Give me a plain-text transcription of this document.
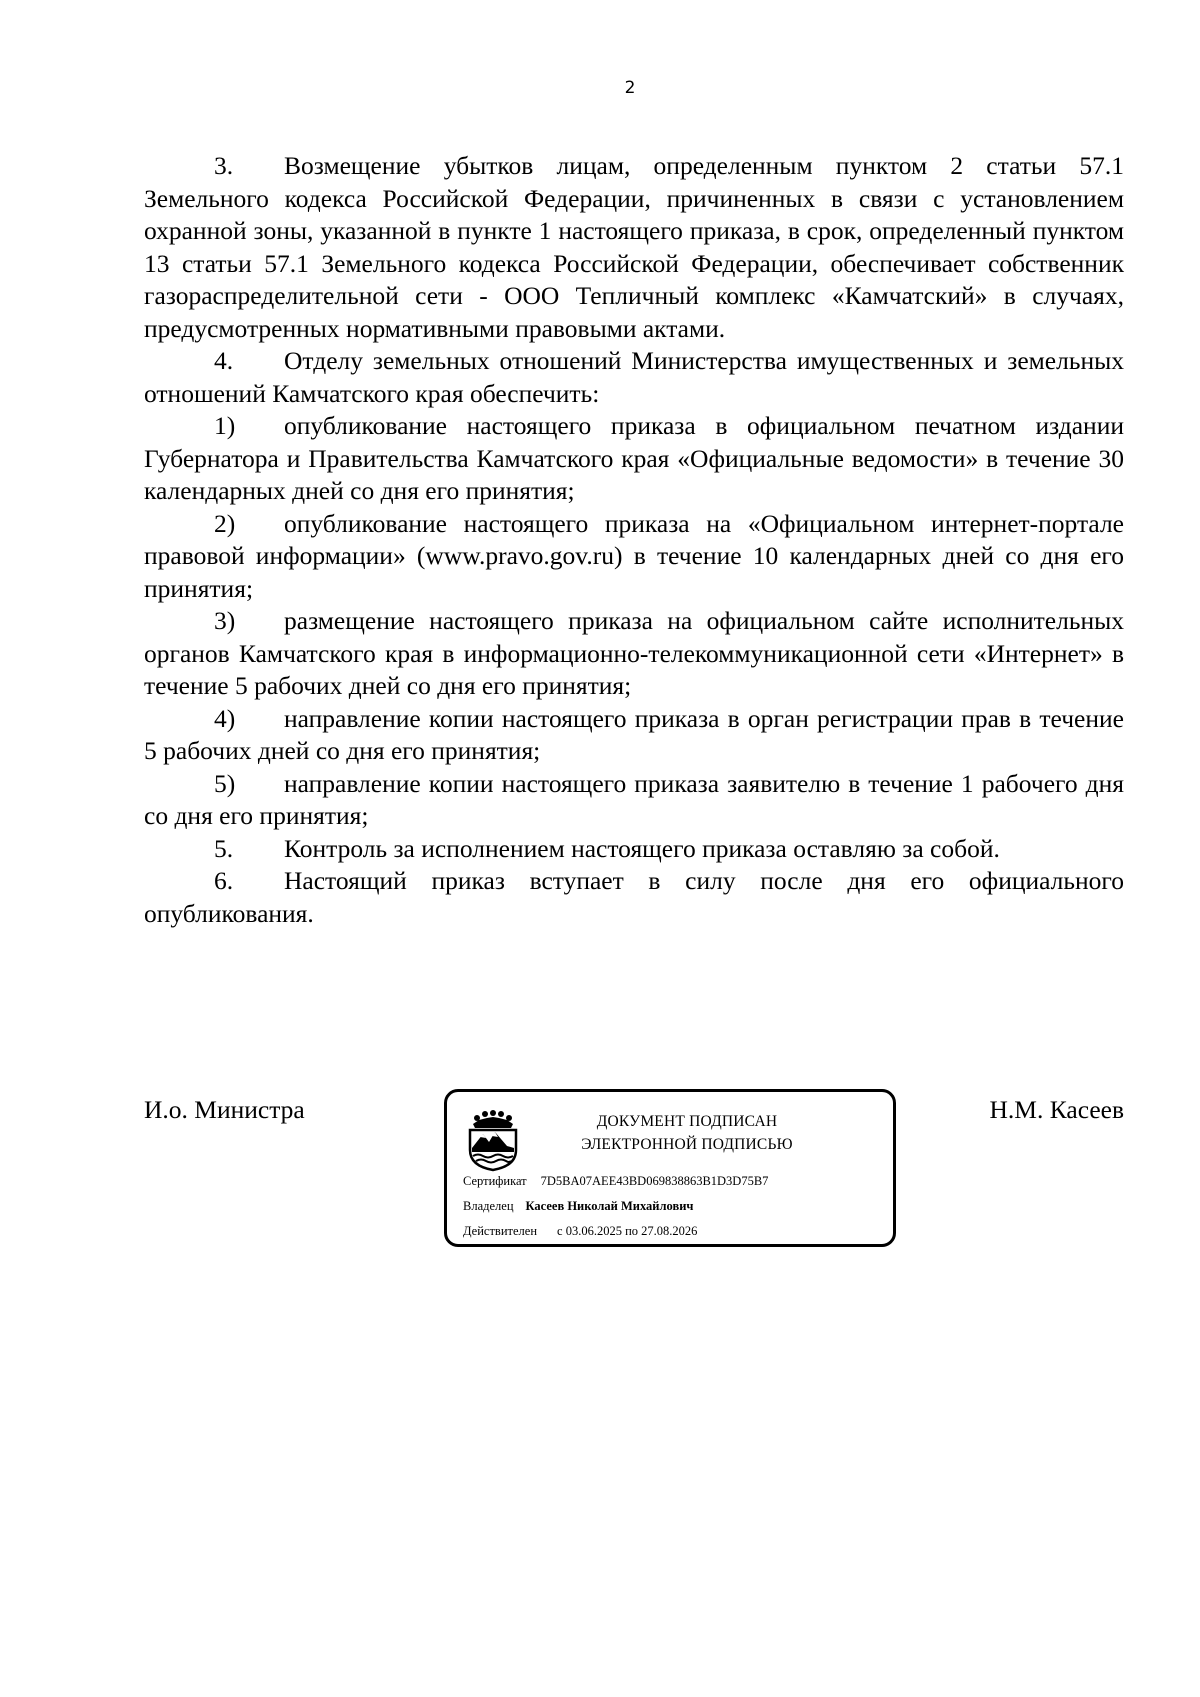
2

3. Возмещение убытков лицам, определенным пунктом 2 статьи 57.1 Земельного кодекса Российской Федерации, причиненных в связи с установлением охранной зоны, указанной в пункте 1 настоящего приказа, в срок, определенный пунктом 13 статьи 57.1 Земельного кодекса Российской Федерации, обеспечивает собственник газораспределительной сети - ООО Тепличный комплекс «Камчатский» в случаях, предусмотренных нормативными правовыми актами.

4. Отделу земельных отношений Министерства имущественных и земельных отношений Камчатского края обеспечить:

1) опубликование настоящего приказа в официальном печатном издании Губернатора и Правительства Камчатского края «Официальные ведомости» в течение 30 календарных дней со дня его принятия;

2) опубликование настоящего приказа на «Официальном интернет-портале правовой информации» (www.pravo.gov.ru) в течение 10 календарных дней со дня его принятия;

3) размещение настоящего приказа на официальном сайте исполнительных органов Камчатского края в информационно-телекоммуникационной сети «Интернет» в течение 5 рабочих дней со дня его принятия;

4) направление копии настоящего приказа в орган регистрации прав в течение 5 рабочих дней со дня его принятия;

5) направление копии настоящего приказа заявителю в течение 1 рабочего дня со дня его принятия;

5. Контроль за исполнением настоящего приказа оставляю за собой.

6. Настоящий приказ вступает в силу после дня его официального опубликования.

И.о. Министра	ДОКУМЕНТ ПОДПИСАН
ЭЛЕКТРОННОЙ ПОДПИСЬЮ
Сертификат 7D5BA07AEE43BD069838863B1D3D75B7
Владелец Касеев Николай Михайлович
Действителен с 03.06.2025 по 27.08.2026
Н.М. Касеев
